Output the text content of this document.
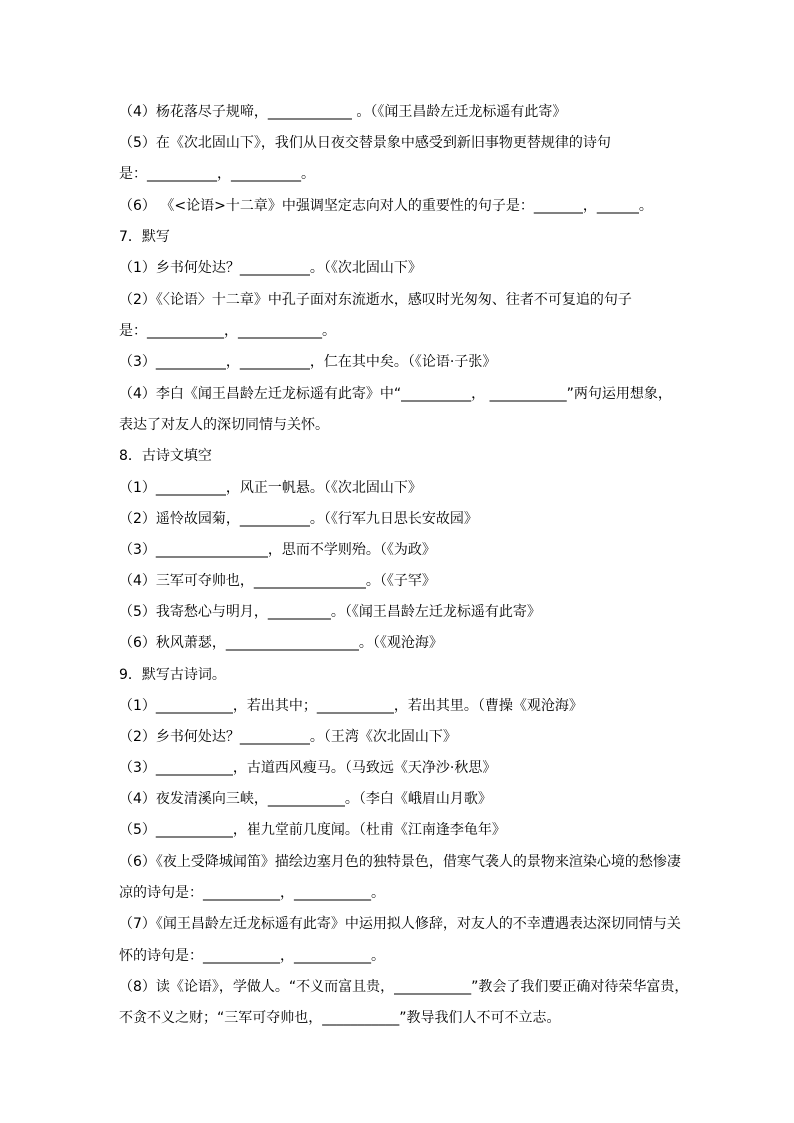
（4）杨花落尽子规啼，____________ 。（《闻王昌龄左迁龙标遥有此寄》
（5）在《次北固山下》，我们从日夜交替景象中感受到新旧事物更替规律的诗句
是：__________，__________。
（6） 《<论语>十二章》中强调坚定志向对人的重要性的句子是：_______，______。
7．默写
（1）乡书何处达？__________。（《次北固山下》
（2）《〈论语〉十二章》中孔子面对东流逝水，感叹时光匆匆、往者不可复追的句子
是：___________，____________。
（3）__________，__________，仁在其中矣。（《论语·子张》
（4）李白《闻王昌龄左迁龙标遥有此寄》中“__________， ___________”两句运用想象，
表达了对友人的深切同情与关怀。
8．古诗文填空
（1）__________，风正一帆悬。（《次北固山下》
（2）遥怜故园菊，__________。（《行军九日思长安故园》
（3）________________，思而不学则殆。（《为政》
（4）三军可夺帅也，________________。（《子罕》
（5）我寄愁心与明月，_________。（《闻王昌龄左迁龙标遥有此寄》
（6）秋风萧瑟，___________________。（《观沧海》
9．默写古诗词。
（1）___________，若出其中；___________，若出其里。（曹操《观沧海》
（2）乡书何处达？__________。（王湾《次北固山下》
（3）___________，古道西风瘦马。（马致远《天净沙·秋思》
（4）夜发清溪向三峡，___________。（李白《峨眉山月歌》
（5）___________，崔九堂前几度闻。（杜甫《江南逢李龟年》
（6）《夜上受降城闻笛》描绘边塞月色的独特景色，借寒气袭人的景物来渲染心境的愁惨凄
凉的诗句是：___________，___________。
（7）《闻王昌龄左迁龙标遥有此寄》中运用拟人修辞，对友人的不幸遭遇表达深切同情与关
怀的诗句是：___________，___________。
（8）读《论语》，学做人。“不义而富且贵，___________”教会了我们要正确对待荣华富贵，
不贪不义之财；“三军可夺帅也，___________”教导我们人不可不立志。
